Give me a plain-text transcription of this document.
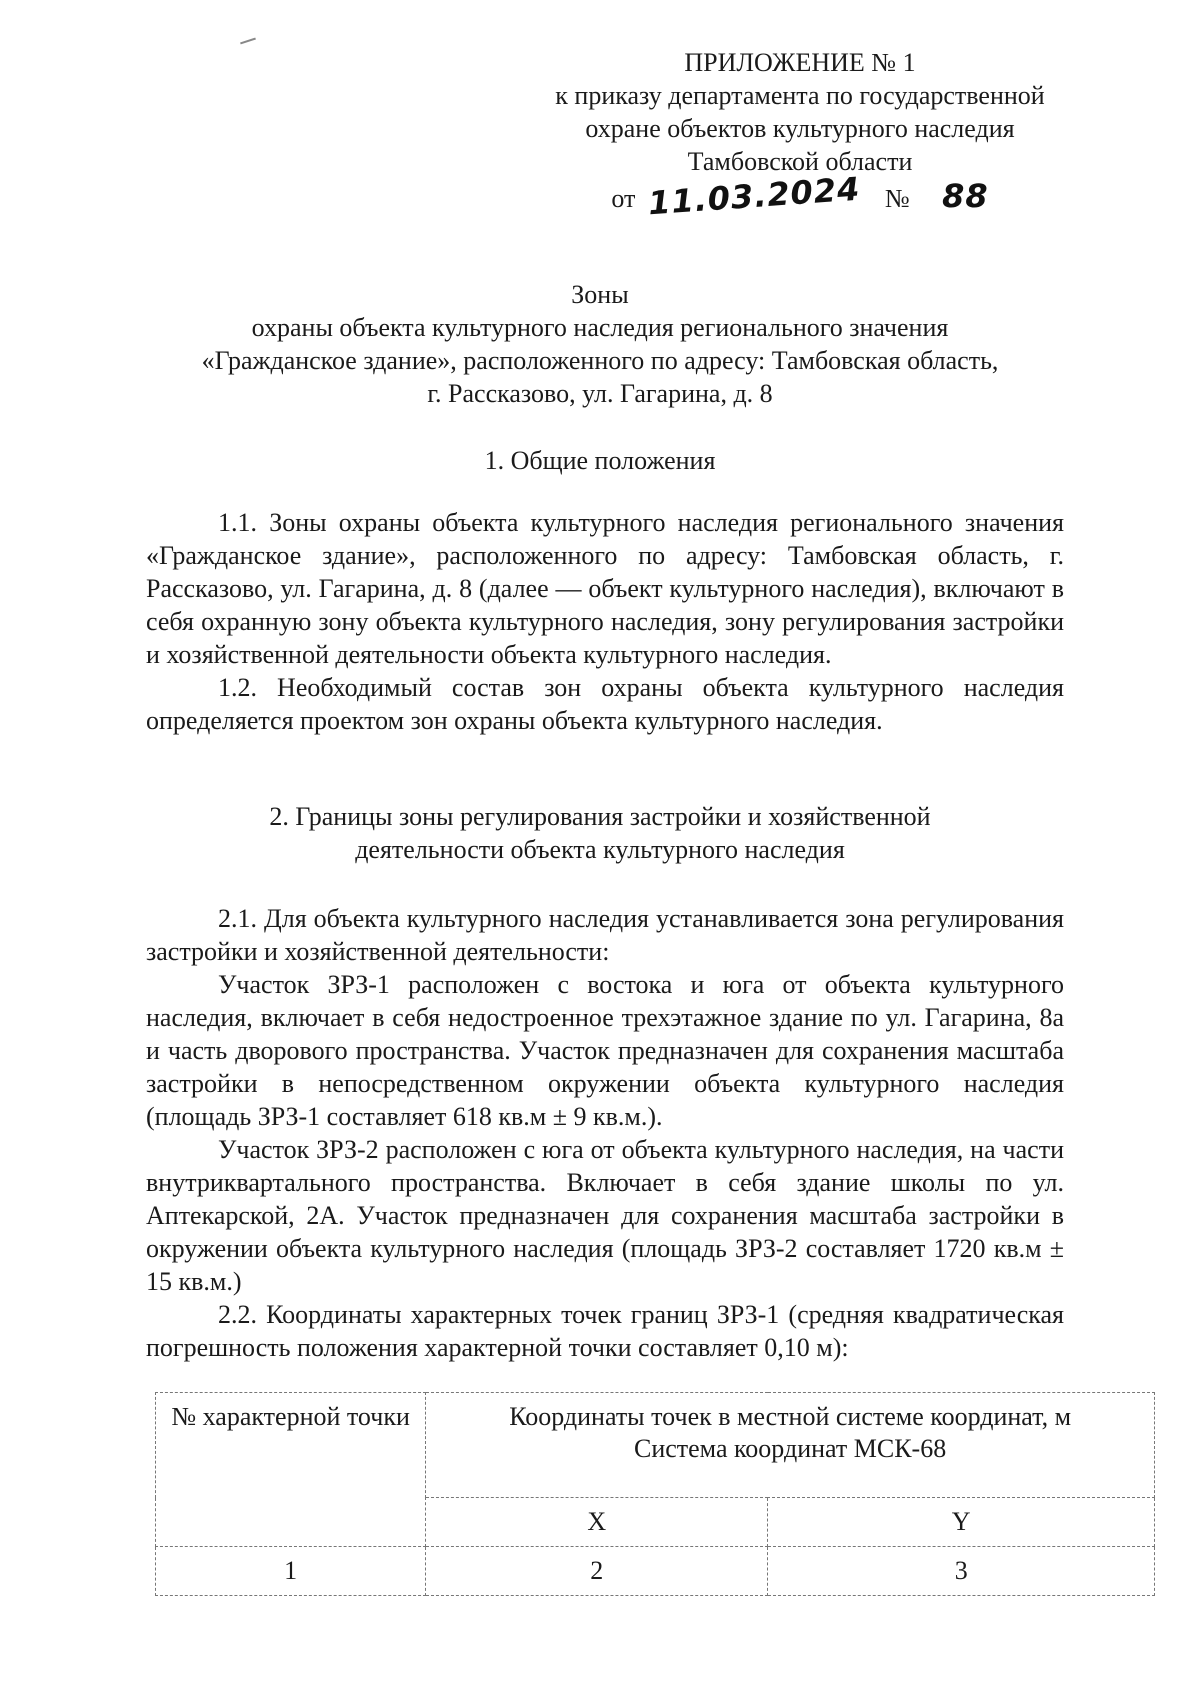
ПРИЛОЖЕНИЕ № 1
к приказу департамента по государственной
охране объектов культурного наследия
Тамбовской области
от 11.03.2024 № 88
Зоны
охраны объекта культурного наследия регионального значения
«Гражданское здание», расположенного по адресу: Тамбовская область,
г. Рассказово, ул. Гагарина, д. 8
1. Общие положения

1.1. Зоны охраны объекта культурного наследия регионального значения «Гражданское здание», расположенного по адресу: Тамбовская область, г. Рассказово, ул. Гагарина, д. 8 (далее — объект культурного наследия), включают в себя охранную зону объекта культурного наследия, зону регулирования застройки и хозяйственной деятельности объекта культурного наследия.

1.2. Необходимый состав зон охраны объекта культурного наследия определяется проектом зон охраны объекта культурного наследия.

2. Границы зоны регулирования застройки и хозяйственной
деятельности объекта культурного наследия

2.1. Для объекта культурного наследия устанавливается зона регулирования застройки и хозяйственной деятельности:

Участок ЗРЗ-1 расположен с востока и юга от объекта культурного наследия, включает в себя недостроенное трехэтажное здание по ул. Гагарина, 8а и часть дворового пространства. Участок предназначен для сохранения масштаба застройки в непосредственном окружении объекта культурного наследия (площадь ЗРЗ-1 составляет 618 кв.м ± 9 кв.м.).

Участок ЗРЗ-2 расположен с юга от объекта культурного наследия, на части внутриквартального пространства. Включает в себя здание школы по ул. Аптекарской, 2А. Участок предназначен для сохранения масштаба застройки в окружении объекта культурного наследия (площадь ЗРЗ-2 составляет 1720 кв.м ± 15 кв.м.)

2.2. Координаты характерных точек границ ЗРЗ-1 (средняя квадратическая погрешность положения характерной точки составляет 0,10 м):

№ характерной точки	Координаты точек в местной системе координат, м
Система координат МСК-68	
	X	Y
1	2	3
